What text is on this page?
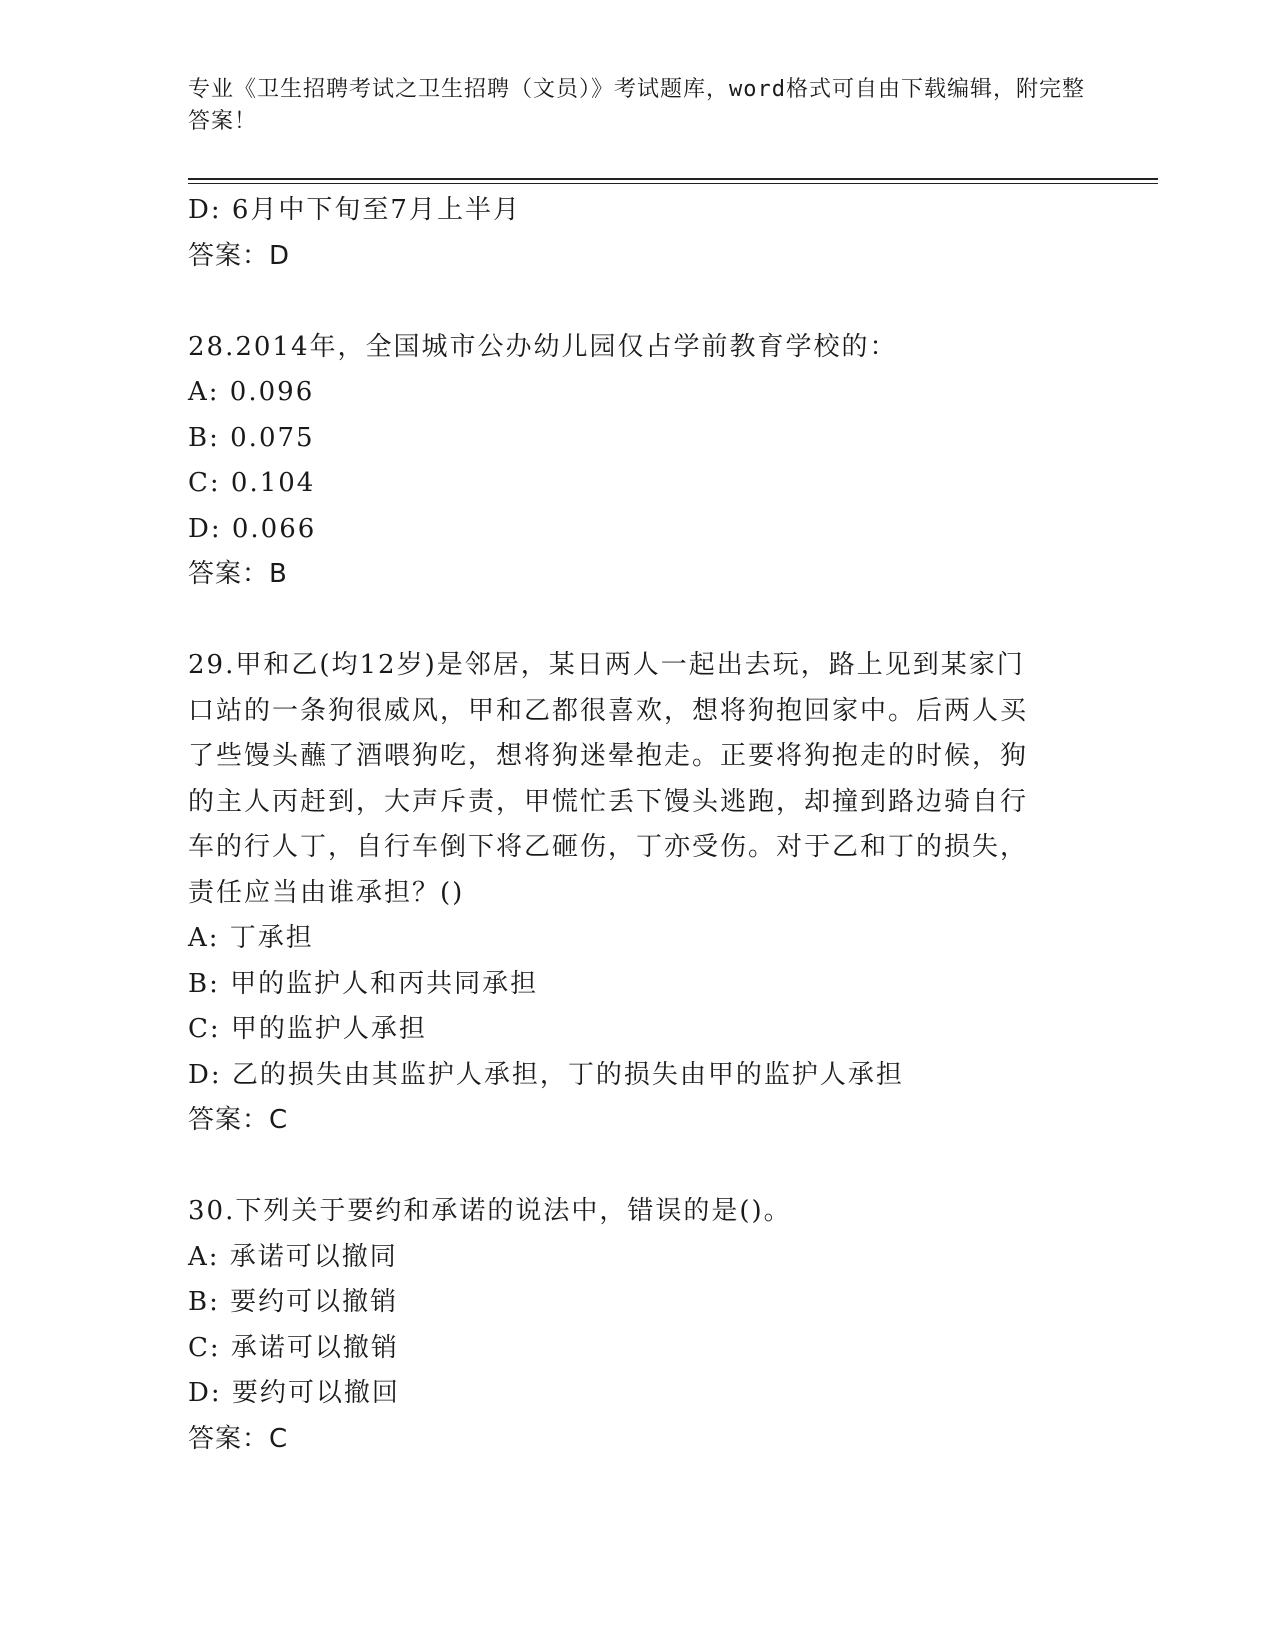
专业《卫生招聘考试之卫生招聘（文员）》考试题库，word格式可自由下载编辑，附完整答案！
D: 6月中下旬至7月上半月
答案：D
28.2014年，全国城市公办幼儿园仅占学前教育学校的：
A: 0.096
B: 0.075
C: 0.104
D: 0.066
答案：B
29.甲和乙(均12岁)是邻居，某日两人一起出去玩，路上见到某家门口站的一条狗很威风，甲和乙都很喜欢，想将狗抱回家中。后两人买了些馒头蘸了酒喂狗吃，想将狗迷晕抱走。正要将狗抱走的时候，狗的主人丙赶到，大声斥责，甲慌忙丢下馒头逃跑，却撞到路边骑自行车的行人丁，自行车倒下将乙砸伤，丁亦受伤。对于乙和丁的损失，责任应当由谁承担？()
A: 丁承担
B: 甲的监护人和丙共同承担
C: 甲的监护人承担
D: 乙的损失由其监护人承担，丁的损失由甲的监护人承担
答案：C
30.下列关于要约和承诺的说法中，错误的是()。
A: 承诺可以撤同
B: 要约可以撤销
C: 承诺可以撤销
D: 要约可以撤回
答案：C
